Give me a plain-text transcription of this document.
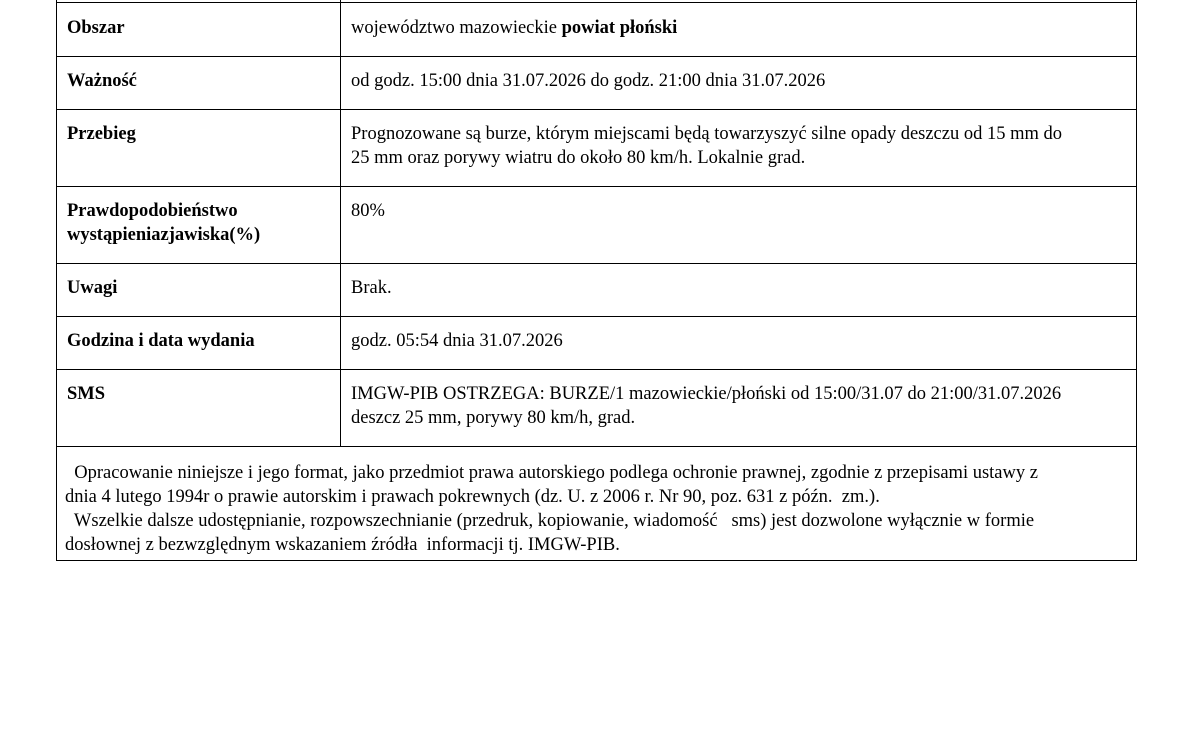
Obszar	województwo mazowieckie powiat płoński
Ważność	od godz. 15:00 dnia 31.07.2026 do godz. 21:00 dnia 31.07.2026
Przebieg	Prognozowane są burze, którym miejscami będą towarzyszyć silne opady deszczu od 15 mm do
25 mm oraz porywy wiatru do około 80 km/h. Lokalnie grad.

Prawdopodobieństwo
wystąpieniazjawiska(%)	80%
Uwagi	Brak.
Godzina i data wydania	godz. 05:54 dnia 31.07.2026
SMS	IMGW-PIB OSTRZEGA: BURZE/1 mazowieckie/płoński od 15:00/31.07 do 21:00/31.07.2026
deszcz 25 mm, porywy 80 km/h, grad.

Opracowanie niniejsze i jego format, jako przedmiot prawa autorskiego podlega ochronie prawnej, zgodnie z przepisami ustawy z
dnia 4 lutego 1994r o prawie autorskim i prawach pokrewnych (dz. U. z 2006 r. Nr 90, poz. 631 z późn.  zm.).
Wszelkie dalsze udostępnianie, rozpowszechnianie (przedruk, kopiowanie, wiadomość   sms) jest dozwolone wyłącznie w formie
dosłownej z bezwzględnym wskazaniem źródła  informacji tj. IMGW-PIB.	
